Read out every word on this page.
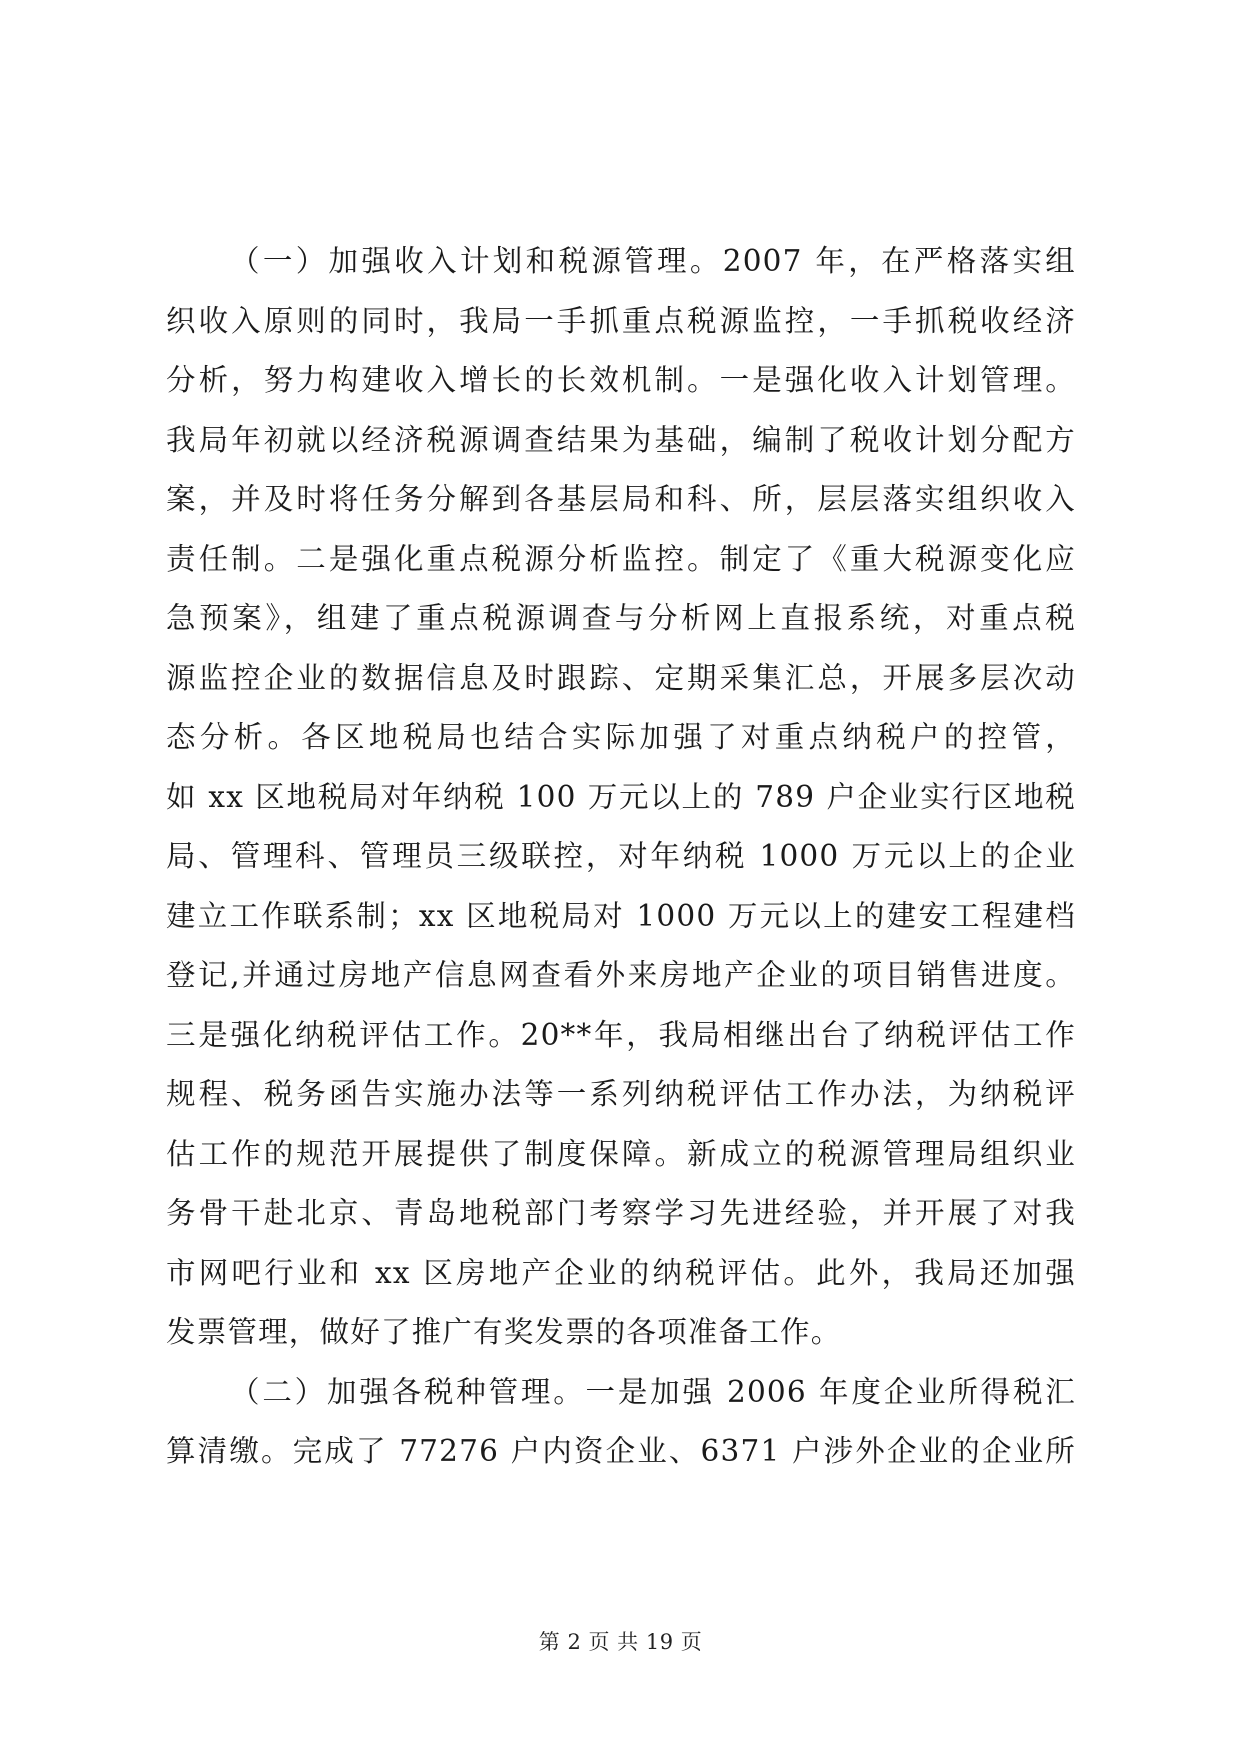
（一）加强收入计划和税源管理。2007 年，在严格落实组
织收入原则的同时，我局一手抓重点税源监控，一手抓税收经济
分析，努力构建收入增长的长效机制。一是强化收入计划管理。
我局年初就以经济税源调查结果为基础，编制了税收计划分配方
案，并及时将任务分解到各基层局和科、所，层层落实组织收入
责任制。二是强化重点税源分析监控。制定了《重大税源变化应
急预案》，组建了重点税源调查与分析网上直报系统，对重点税
源监控企业的数据信息及时跟踪、定期采集汇总，开展多层次动
态分析。各区地税局也结合实际加强了对重点纳税户的控管，
如 xx 区地税局对年纳税 100 万元以上的 789 户企业实行区地税
局、管理科、管理员三级联控，对年纳税 1000 万元以上的企业
建立工作联系制；xx 区地税局对 1000 万元以上的建安工程建档
登记,并通过房地产信息网查看外来房地产企业的项目销售进度。
三是强化纳税评估工作。20**年，我局相继出台了纳税评估工作
规程、税务函告实施办法等一系列纳税评估工作办法，为纳税评
估工作的规范开展提供了制度保障。新成立的税源管理局组织业
务骨干赴北京、青岛地税部门考察学习先进经验，并开展了对我
市网吧行业和 xx 区房地产企业的纳税评估。此外，我局还加强
发票管理，做好了推广有奖发票的各项准备工作。
（二）加强各税种管理。一是加强 2006 年度企业所得税汇
算清缴。完成了 77276 户内资企业、6371 户涉外企业的企业所
第 2 页 共 19 页
